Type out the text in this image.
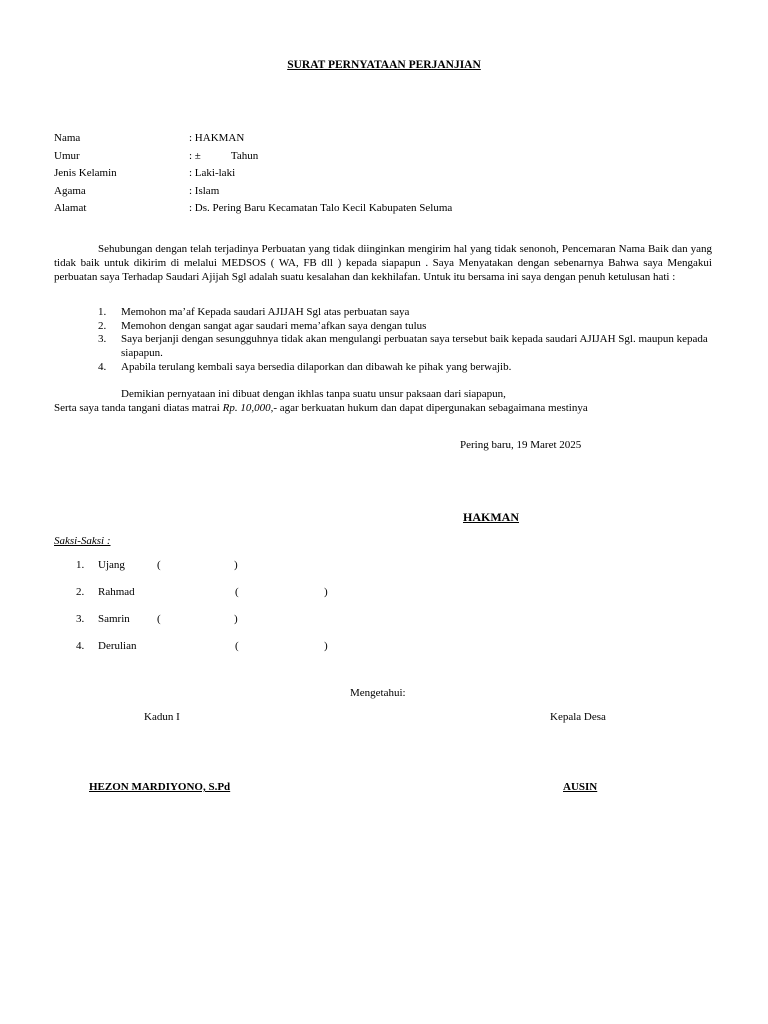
SURAT PERNYATAAN PERJANJIAN
Nama	: HAKMAN
Umur	: ±           Tahun
Jenis Kelamin	: Laki-laki
Agama	: Islam
Alamat	: Ds. Pering Baru Kecamatan Talo Kecil Kabupaten Seluma
Sehubungan dengan telah terjadinya Perbuatan yang tidak diinginkan mengirim hal yang tidak senonoh, Pencemaran Nama Baik dan yang tidak baik untuk dikirim di melalui MEDSOS ( WA, FB dll ) kepada siapapun . Saya Menyatakan dengan sebenarnya Bahwa saya Mengakui perbuatan saya Terhadap Saudari Ajijah Sgl adalah suatu kesalahan dan kekhilafan. Untuk itu bersama ini saya dengan penuh ketulusan hati :
1. Memohon ma’af Kepada saudari AJIJAH Sgl atas perbuatan saya
2. Memohon dengan sangat agar saudari mema’afkan saya dengan tulus
3. Saya berjanji dengan sesungguhnya tidak akan mengulangi perbuatan saya tersebut baik kepada saudari AJIJAH Sgl. maupun kepada siapapun.
4. Apabila terulang kembali saya bersedia dilaporkan dan dibawah ke pihak yang berwajib.
Demikian pernyataan ini dibuat dengan ikhlas tanpa suatu unsur paksaan dari siapapun,
Serta saya tanda tangani diatas matrai Rp. 10,000,- agar berkuatan hukum dan dapat dipergunakan sebagaimana mestinya
Pering baru, 19 Maret 2025
HAKMAN
Saksi-Saksi :
1. Ujang	(	)
2. Rahmad	(	)
3. Samrin (	)
4. Derulian	(	)
Mengetahui:
Kadun I	Kepala Desa
HEZON MARDIYONO, S.Pd	AUSIN
